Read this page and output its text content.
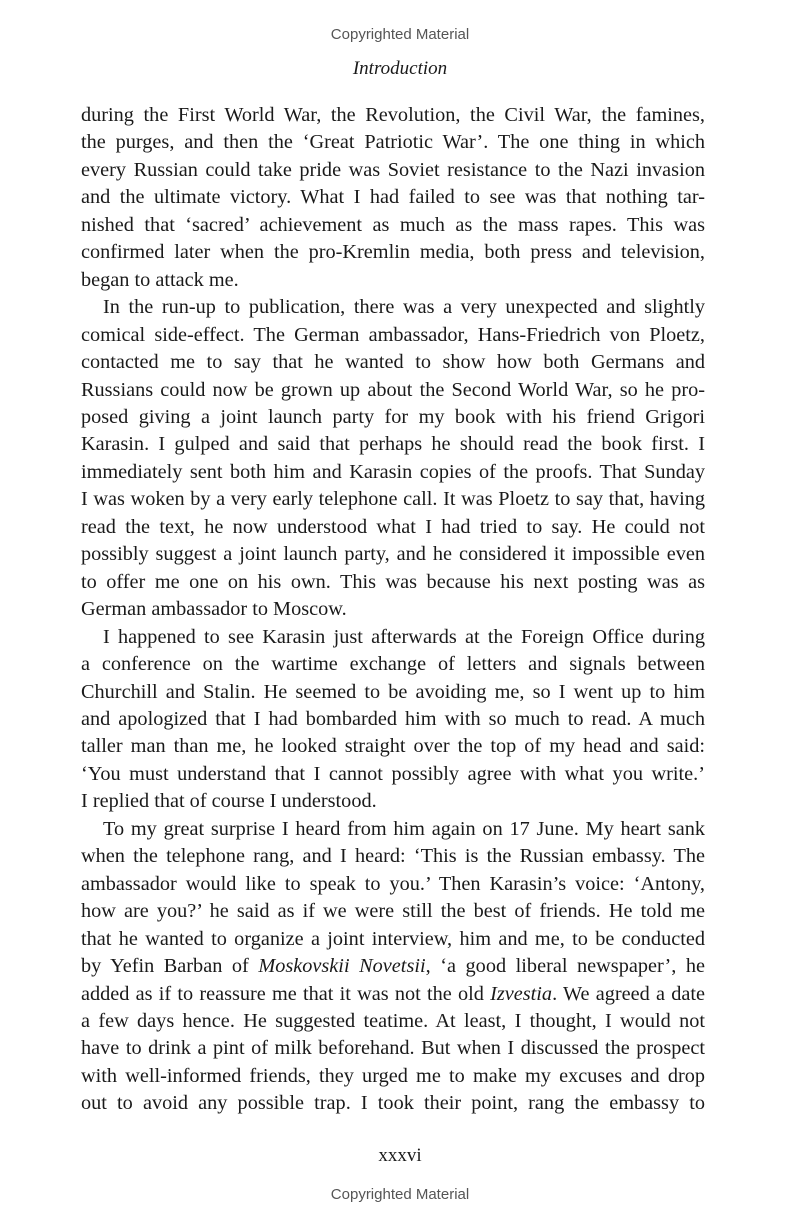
Copyrighted Material
Introduction
during the First World War, the Revolution, the Civil War, the famines,
the purges, and then the ‘Great Patriotic War’. The one thing in which
every Russian could take pride was Soviet resistance to the Nazi invasion
and the ultimate victory. What I had failed to see was that nothing tar-
nished that ‘sacred’ achievement as much as the mass rapes. This was
confirmed later when the pro-Kremlin media, both press and television,
began to attack me.
In the run-up to publication, there was a very unexpected and slightly
comical side-effect. The German ambassador, Hans-Friedrich von Ploetz,
contacted me to say that he wanted to show how both Germans and
Russians could now be grown up about the Second World War, so he pro-
posed giving a joint launch party for my book with his friend Grigori
Karasin. I gulped and said that perhaps he should read the book first. I
immediately sent both him and Karasin copies of the proofs. That Sunday
I was woken by a very early telephone call. It was Ploetz to say that, having
read the text, he now understood what I had tried to say. He could not
possibly suggest a joint launch party, and he considered it impossible even
to offer me one on his own. This was because his next posting was as
German ambassador to Moscow.
I happened to see Karasin just afterwards at the Foreign Office during
a conference on the wartime exchange of letters and signals between
Churchill and Stalin. He seemed to be avoiding me, so I went up to him
and apologized that I had bombarded him with so much to read. A much
taller man than me, he looked straight over the top of my head and said:
‘You must understand that I cannot possibly agree with what you write.’
I replied that of course I understood.
To my great surprise I heard from him again on 17 June. My heart sank
when the telephone rang, and I heard: ‘This is the Russian embassy. The
ambassador would like to speak to you.’ Then Karasin’s voice: ‘Antony,
how are you?’ he said as if we were still the best of friends. He told me
that he wanted to organize a joint interview, him and me, to be conducted
by Yefin Barban of Moskovskii Novetsii, ‘a good liberal newspaper’, he
added as if to reassure me that it was not the old Izvestia. We agreed a date
a few days hence. He suggested teatime. At least, I thought, I would not
have to drink a pint of milk beforehand. But when I discussed the prospect
with well-informed friends, they urged me to make my excuses and drop
out to avoid any possible trap. I took their point, rang the embassy to
xxxvi
Copyrighted Material
